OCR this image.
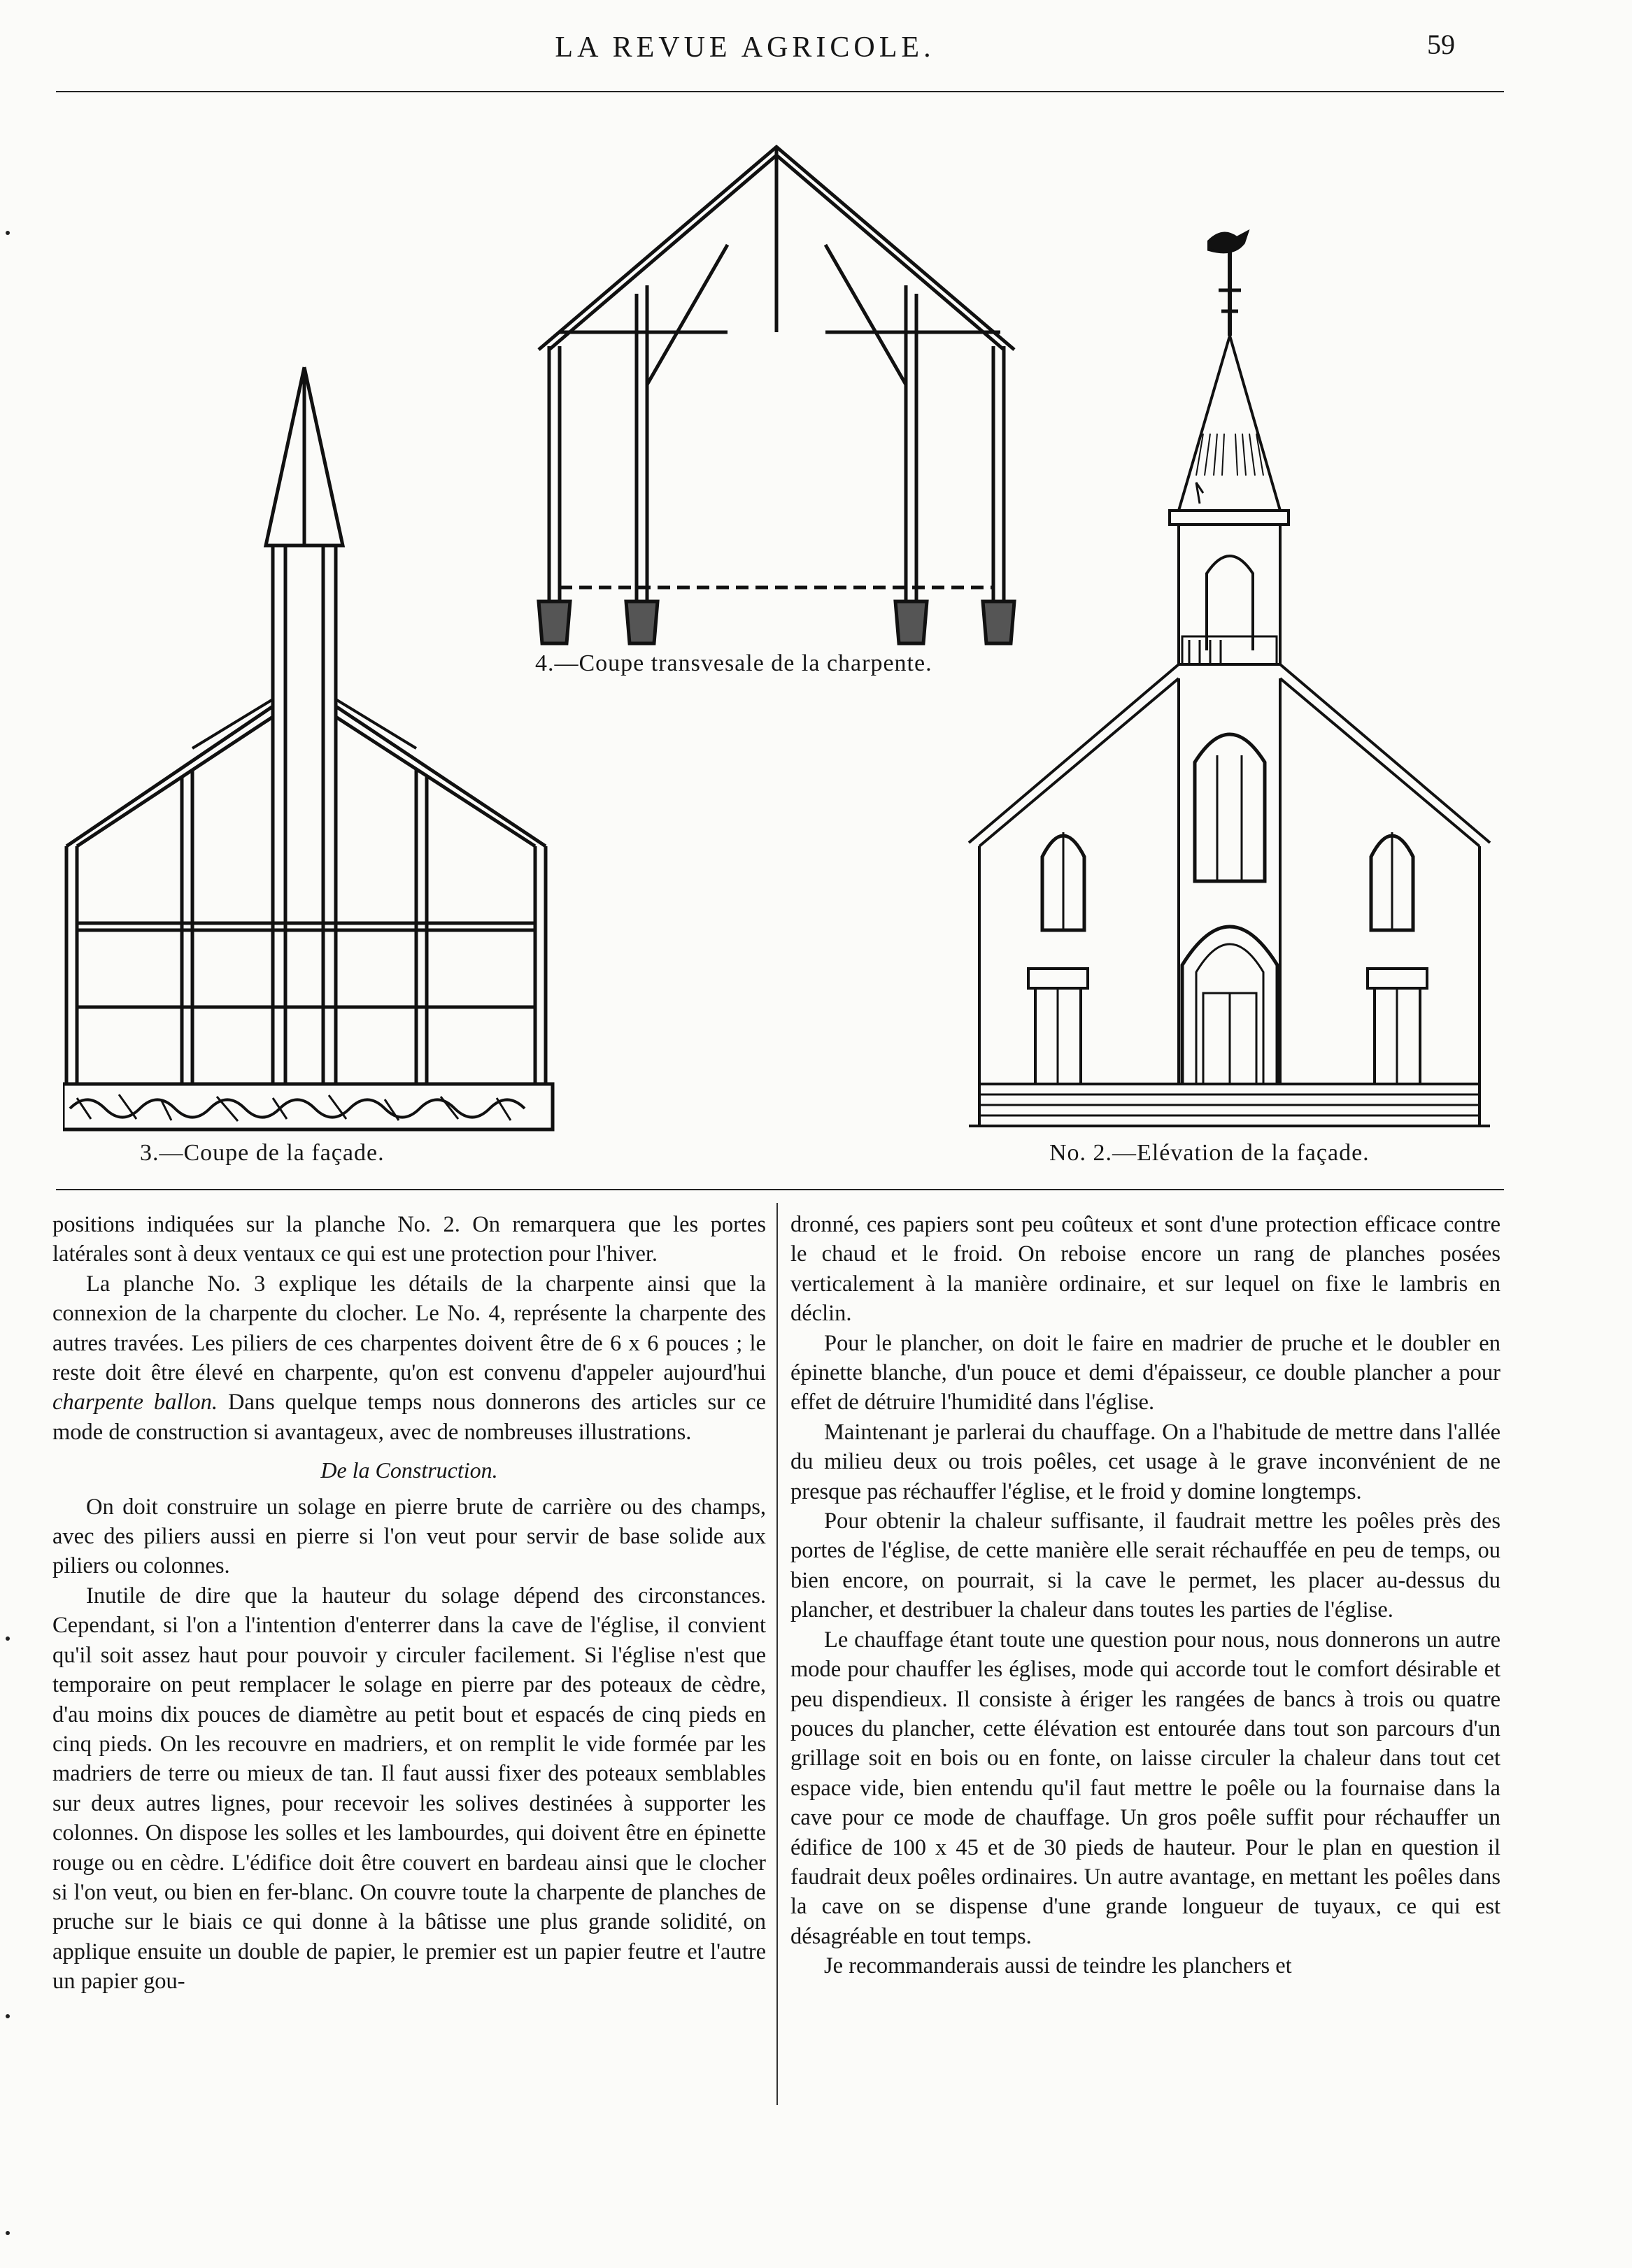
LA REVUE AGRICOLE.	59
4.—Coupe transvesale de la charpente.
3.—Coupe de la façade.	No. 2.—Elévation de la façade.

positions indiquées sur la planche No. 2. On remarquera que les portes latérales sont à deux ventaux ce qui est une protection pour l'hiver.

La planche No. 3 explique les détails de la charpente ainsi que la connexion de la charpente du clocher. Le No. 4, représente la charpente des autres travées. Les piliers de ces charpentes doivent être de 6 x 6 pouces ; le reste doit être élevé en charpente, qu'on est convenu d'appeler aujourd'hui charpente ballon. Dans quelque temps nous donnerons des articles sur ce mode de construction si avantageux, avec de nombreuses illustrations.

De la Construction.

On doit construire un solage en pierre brute de carrière ou des champs, avec des piliers aussi en pierre si l'on veut pour servir de base solide aux piliers ou colonnes.

Inutile de dire que la hauteur du solage dépend des circonstances. Cependant, si l'on a l'intention d'enterrer dans la cave de l'église, il convient qu'il soit assez haut pour pouvoir y circuler facilement. Si l'église n'est que temporaire on peut remplacer le solage en pierre par des poteaux de cèdre, d'au moins dix pouces de diamètre au petit bout et espacés de cinq pieds en cinq pieds. On les recouvre en madriers, et on remplit le vide formée par les madriers de terre ou mieux de tan. Il faut aussi fixer des poteaux semblables sur deux autres lignes, pour recevoir les solives destinées à supporter les colonnes. On dispose les solles et les lambourdes, qui doivent être en épinette rouge ou en cèdre. L'édifice doit être couvert en bardeau ainsi que le clocher si l'on veut, ou bien en fer-blanc. On couvre toute la charpente de planches de pruche sur le biais ce qui donne à la bâtisse une plus grande solidité, on applique ensuite un double de papier, le premier est un papier feutre et l'autre un papier gou-

dronné, ces papiers sont peu coûteux et sont d'une protection efficace contre le chaud et le froid. On reboise encore un rang de planches posées verticalement à la manière ordinaire, et sur lequel on fixe le lambris en déclin.

Pour le plancher, on doit le faire en madrier de pruche et le doubler en épinette blanche, d'un pouce et demi d'épaisseur, ce double plancher a pour effet de détruire l'humidité dans l'église.

Maintenant je parlerai du chauffage. On a l'habitude de mettre dans l'allée du milieu deux ou trois poêles, cet usage à le grave inconvénient de ne presque pas réchauffer l'église, et le froid y domine longtemps.

Pour obtenir la chaleur suffisante, il faudrait mettre les poêles près des portes de l'église, de cette manière elle serait réchauffée en peu de temps, ou bien encore, on pourrait, si la cave le permet, les placer au-dessus du plancher, et destribuer la chaleur dans toutes les parties de l'église.

Le chauffage étant toute une question pour nous, nous donnerons un autre mode pour chauffer les églises, mode qui accorde tout le comfort désirable et peu dispendieux. Il consiste à ériger les rangées de bancs à trois ou quatre pouces du plancher, cette élévation est entourée dans tout son parcours d'un grillage soit en bois ou en fonte, on laisse circuler la chaleur dans tout cet espace vide, bien entendu qu'il faut mettre le poêle ou la fournaise dans la cave pour ce mode de chauffage. Un gros poêle suffit pour réchauffer un édifice de 100 x 45 et de 30 pieds de hauteur. Pour le plan en question il faudrait deux poêles ordinaires. Un autre avantage, en mettant les poêles dans la cave on se dispense d'une grande longueur de tuyaux, ce qui est désagréable en tout temps.

Je recommanderais aussi de teindre les planchers et
